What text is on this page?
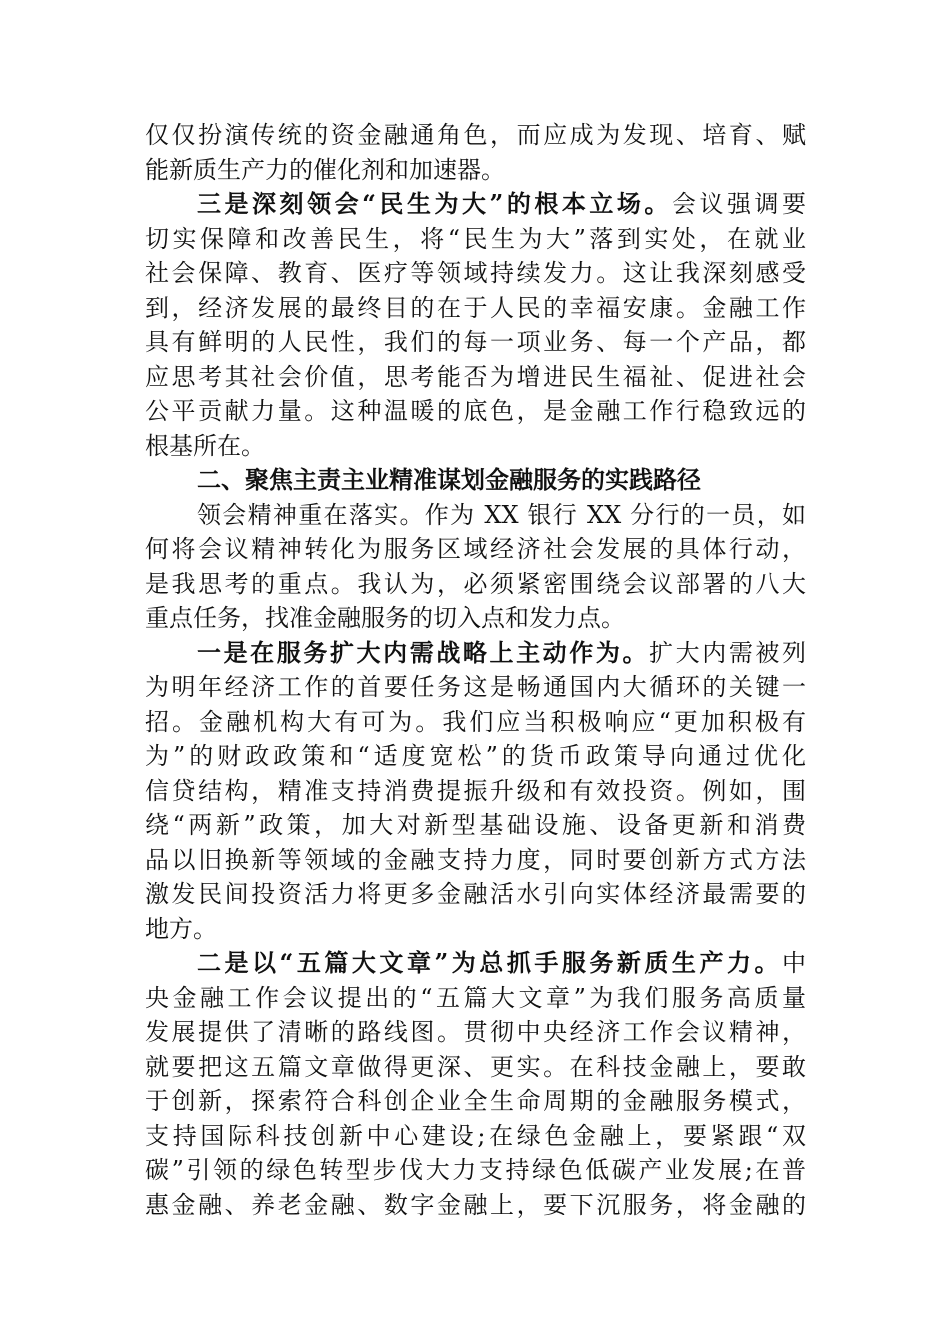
仅仅扮演传统的资金融通角色，而应成为发现、培育、赋
能新质生产力的催化剂和加速器。
三是深刻领会“民生为大”的根本立场。会议强调要
切实保障和改善民生，将“民生为大”落到实处，在就业
社会保障、教育、医疗等领域持续发力。这让我深刻感受
到，经济发展的最终目的在于人民的幸福安康。金融工作
具有鲜明的人民性，我们的每一项业务、每一个产品，都
应思考其社会价值，思考能否为增进民生福祉、促进社会
公平贡献力量。这种温暖的底色，是金融工作行稳致远的
根基所在。
二、聚焦主责主业精准谋划金融服务的实践路径
领会精神重在落实。作为 XX 银行 XX 分行的一员，如
何将会议精神转化为服务区域经济社会发展的具体行动，
是我思考的重点。我认为，必须紧密围绕会议部署的八大
重点任务，找准金融服务的切入点和发力点。
一是在服务扩大内需战略上主动作为。扩大内需被列
为明年经济工作的首要任务这是畅通国内大循环的关键一
招。金融机构大有可为。我们应当积极响应“更加积极有
为”的财政政策和“适度宽松”的货币政策导向通过优化
信贷结构，精准支持消费提振升级和有效投资。例如，围
绕“两新”政策，加大对新型基础设施、设备更新和消费
品以旧换新等领域的金融支持力度，同时要创新方式方法
激发民间投资活力将更多金融活水引向实体经济最需要的
地方。
二是以“五篇大文章”为总抓手服务新质生产力。中
央金融工作会议提出的“五篇大文章”为我们服务高质量
发展提供了清晰的路线图。贯彻中央经济工作会议精神，
就要把这五篇文章做得更深、更实。在科技金融上，要敢
于创新，探索符合科创企业全生命周期的金融服务模式，
支持国际科技创新中心建设;在绿色金融上，要紧跟“双
碳”引领的绿色转型步伐大力支持绿色低碳产业发展;在普
惠金融、养老金融、数字金融上，要下沉服务，将金融的
